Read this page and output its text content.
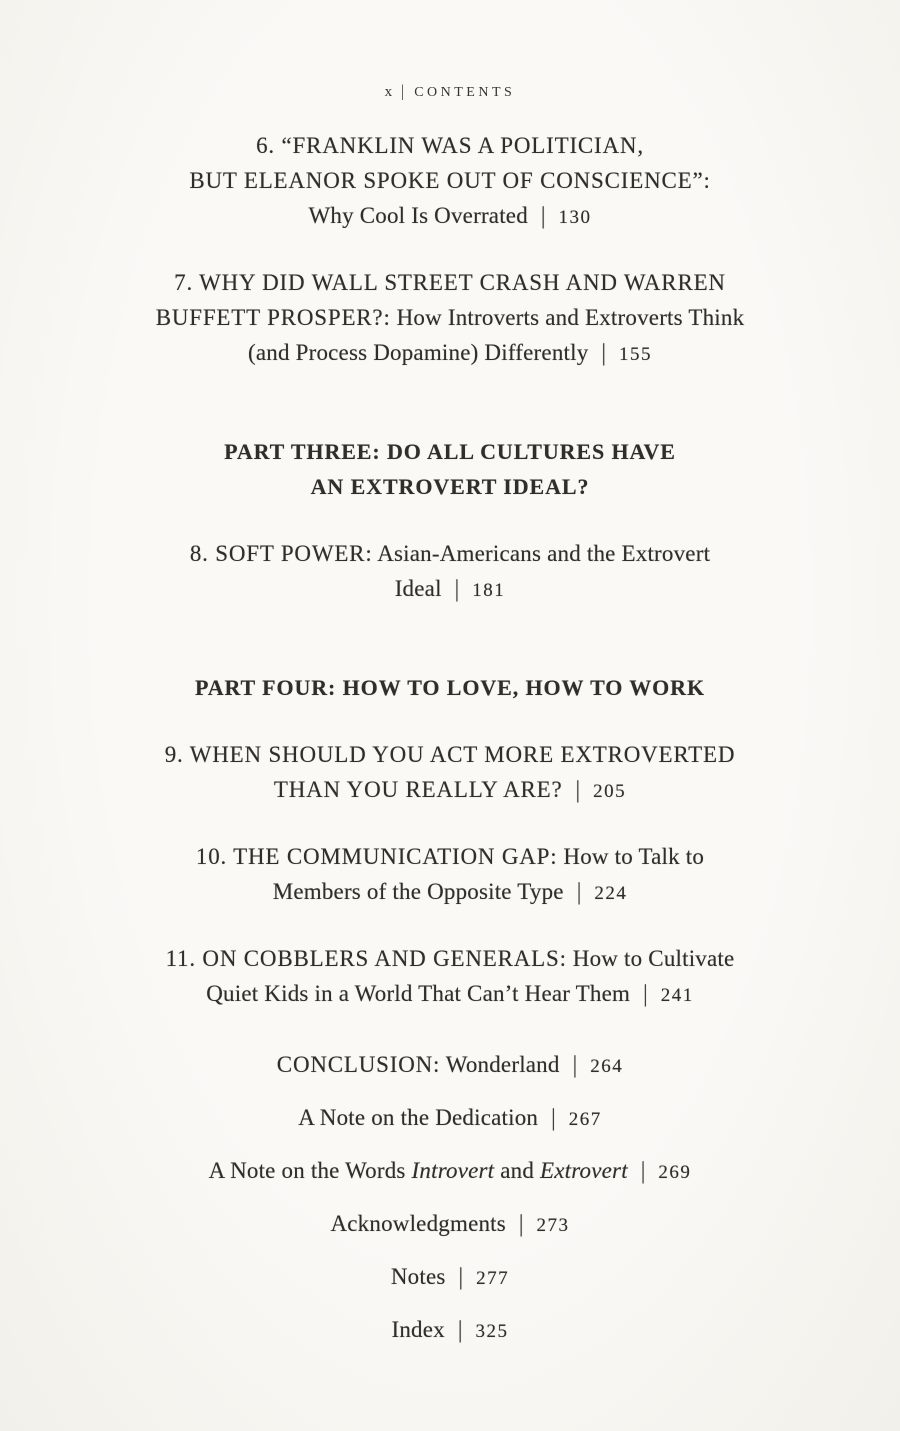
x | CONTENTS

6. “FRANKLIN WAS A POLITICIAN,

BUT ELEANOR SPOKE OUT OF CONSCIENCE”:

Why Cool Is Overrated | 130

7. WHY DID WALL STREET CRASH AND WARREN

BUFFETT PROSPER?: How Introverts and Extroverts Think

(and Process Dopamine) Differently | 155

PART THREE: DO ALL CULTURES HAVE

AN EXTROVERT IDEAL?

8. SOFT POWER: Asian-Americans and the Extrovert

Ideal | 181

PART FOUR: HOW TO LOVE, HOW TO WORK

9. WHEN SHOULD YOU ACT MORE EXTROVERTED

THAN YOU REALLY ARE? | 205

10. THE COMMUNICATION GAP: How to Talk to

Members of the Opposite Type | 224

11. ON COBBLERS AND GENERALS: How to Cultivate

Quiet Kids in a World That Can’t Hear Them | 241

CONCLUSION: Wonderland | 264

A Note on the Dedication | 267

A Note on the Words Introvert and Extrovert | 269

Acknowledgments | 273

Notes | 277

Index | 325
